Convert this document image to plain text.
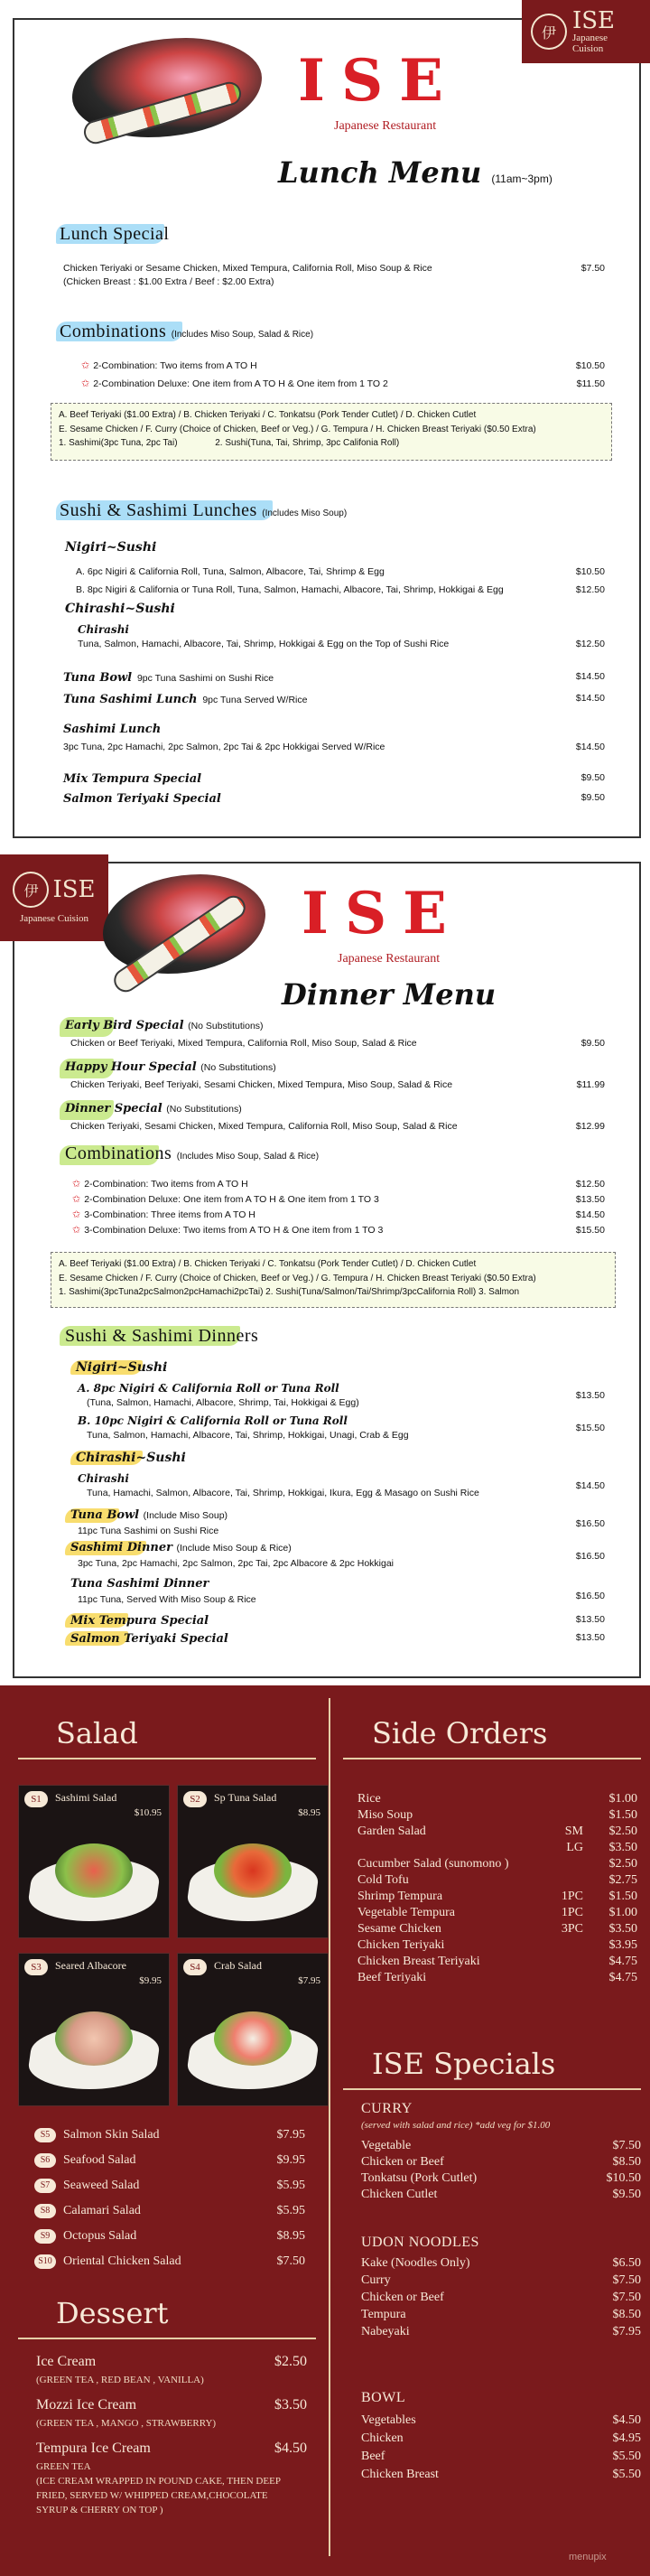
伊 ISE
Japanese Cuision
ISE
Japanese Restaurant
Lunch Menu (11am~3pm)
Lunch Special
Chicken Teriyaki or Sesame Chicken, Mixed Tempura, California Roll, Miso Soup & Rice	$7.50
(Chicken Breast : $1.00 Extra / Beef : $2.00 Extra)
Combinations (Includes Miso Soup, Salad & Rice)
✩ 2-Combination: Two items from A TO H	$10.50
✩ 2-Combination Deluxe: One item from A TO H & One item from 1 TO 2	$11.50
A. Beef Teriyaki ($1.00 Extra) / B. Chicken Teriyaki / C. Tonkatsu (Pork Tender Cutlet) / D. Chicken Cutlet
E. Sesame Chicken / F. Curry (Choice of Chicken, Beef or Veg.) / G. Tempura / H. Chicken Breast Teriyaki ($0.50 Extra)
1. Sashimi(3pc Tuna, 2pc Tai)	2. Sushi(Tuna, Tai, Shrimp, 3pc Califonia Roll)
Sushi & Sashimi Lunches (Includes Miso Soup)
Nigiri~Sushi
A. 6pc Nigiri & California Roll, Tuna, Salmon, Albacore, Tai, Shrimp & Egg	$10.50
B. 8pc Nigiri & California or Tuna Roll, Tuna, Salmon, Hamachi, Albacore, Tai, Shrimp, Hokkigai & Egg	$12.50
Chirashi~Sushi
Chirashi
Tuna, Salmon, Hamachi, Albacore, Tai, Shrimp, Hokkigai & Egg on the Top of Sushi Rice	$12.50
Tuna Bowl 9pc Tuna Sashimi on Sushi Rice	$14.50
Tuna Sashimi Lunch 9pc Tuna Served W/Rice	$14.50
Sashimi Lunch
3pc Tuna, 2pc Hamachi, 2pc Salmon, 2pc Tai & 2pc Hokkigai Served W/Rice	$14.50
Mix Tempura Special	$9.50
Salmon Teriyaki Special	$9.50
伊 ISE
Japanese Cuision	ISE
Japanese Restaurant
Dinner Menu
Early Bird Special (No Substitutions)
Chicken or Beef Teriyaki, Mixed Tempura, California Roll, Miso Soup, Salad & Rice	$9.50
Happy Hour Special (No Substitutions)
Chicken Teriyaki, Beef Teriyaki, Sesami Chicken, Mixed Tempura, Miso Soup, Salad & Rice	$11.99
Dinner Special (No Substitutions)
Chicken Teriyaki, Sesami Chicken, Mixed Tempura, California Roll, Miso Soup, Salad & Rice	$12.99
Combinations (Includes Miso Soup, Salad & Rice)
✩ 2-Combination: Two items from A TO H	$12.50
✩ 2-Combination Deluxe: One item from A TO H & One item from 1 TO 3	$13.50
✩ 3-Combination: Three items from A TO H	$14.50
✩ 3-Combination Deluxe: Two items from A TO H & One item from 1 TO 3	$15.50
A. Beef Teriyaki ($1.00 Extra) / B. Chicken Teriyaki / C. Tonkatsu (Pork Tender Cutlet) / D. Chicken Cutlet
E. Sesame Chicken / F. Curry (Choice of Chicken, Beef or Veg.) / G. Tempura / H. Chicken Breast Teriyaki ($0.50 Extra)
1. Sashimi(3pcTuna2pcSalmon2pcHamachi2pcTai) 2. Sushi(Tuna/Salmon/Tai/Shrimp/3pcCalifornia Roll) 3. Salmon
Sushi & Sashimi Dinners
Nigiri~Sushi
A. 8pc Nigiri & California Roll or Tuna Roll
(Tuna, Salmon, Hamachi, Albacore, Shrimp, Tai, Hokkigai & Egg)
$13.50
B. 10pc Nigiri & California Roll or Tuna Roll
Tuna, Salmon, Hamachi, Albacore, Tai, Shrimp, Hokkigai, Unagi, Crab & Egg
$15.50
Chirashi~Sushi
Chirashi
Tuna, Hamachi, Salmon, Albacore, Tai, Shrimp, Hokkigai, Ikura, Egg & Masago on Sushi Rice
$14.50
Tuna Bowl (Include Miso Soup)
11pc Tuna Sashimi on Sushi Rice
$16.50
Sashimi Dinner (Include Miso Soup & Rice)
3pc Tuna, 2pc Hamachi, 2pc Salmon, 2pc Tai, 2pc Albacore & 2pc Hokkigai
$16.50
Tuna Sashimi Dinner
11pc Tuna, Served With Miso Soup & Rice	$16.50
Mix Tempura Special	$13.50
Salmon Teriyaki Special	$13.50
Salad
S1	Sashimi Salad
$10.95
S2	Sp Tuna Salad
$8.95
S3	Seared Albacore
$9.95
S4	Crab Salad
$7.95
S5 Salmon Skin Salad	$7.95
S6 Seafood Salad	$9.95
S7 Seaweed Salad	$5.95
S8 Calamari Salad	$5.95
S9 Octopus Salad	$8.95
S10 Oriental Chicken Salad	$7.50
Dessert
Ice Cream	$2.50
(GREEN TEA , RED BEAN , VANILLA)
Mozzi Ice Cream	$3.50
(GREEN TEA , MANGO , STRAWBERRY)
Tempura Ice Cream	$4.50
GREEN TEA
(ICE CREAM WRAPPED IN POUND CAKE, THEN DEEP
FRIED, SERVED W/ WHIPPED CREAM,CHOCOLATE
SYRUP & CHERRY ON TOP )
Side Orders
Rice	$1.00
Miso Soup	$1.50
Garden Salad	SM $2.50
LG $3.50
Cucumber Salad (sunomono )	$2.50
Cold Tofu	$2.75
Shrimp Tempura	1PC $1.50
Vegetable Tempura	1PC $1.00
Sesame Chicken	3PC $3.50
Chicken Teriyaki	$3.95
Chicken Breast Teriyaki	$4.75
Beef Teriyaki	$4.75
ISE Specials
CURRY
(served with salad and rice) *add veg for $1.00
Vegetable	$7.50
Chicken or Beef	$8.50
Tonkatsu (Pork Cutlet)	$10.50
Chicken Cutlet	$9.50
UDON NOODLES
Kake (Noodles Only)	$6.50
Curry	$7.50
Chicken or Beef	$7.50
Tempura	$8.50
Nabeyaki	$7.95
BOWL
Vegetables	$4.50
Chicken	$4.95
Beef	$5.50
Chicken Breast	$5.50
menupix
